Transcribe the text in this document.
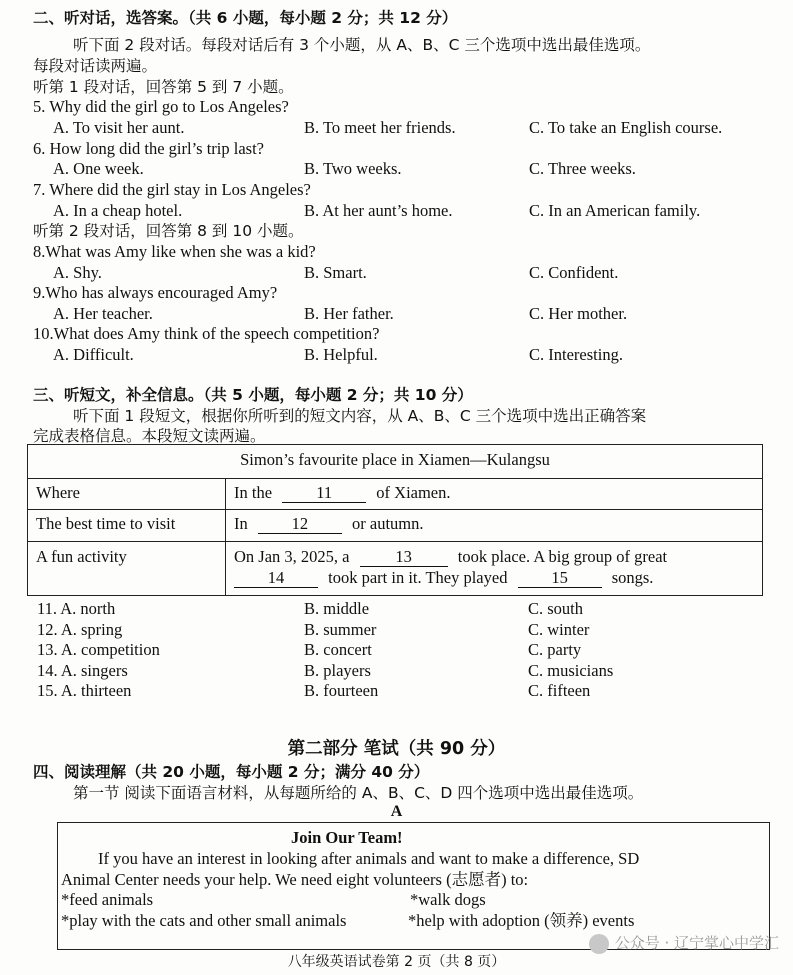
二、听对话，选答案。（共 6 小题，每小题 2 分；共 12 分）
听下面 2 段对话。每段对话后有 3 个小题，从 A、B、C 三个选项中选出最佳选项。
每段对话读两遍。
听第 1 段对话，回答第 5 到 7 小题。
5. Why did the girl go to Los Angeles?
A. To visit her aunt.	B. To meet her friends.	C. To take an English course.
6. How long did the girl’s trip last?
A. One week.	B. Two weeks.	C. Three weeks.
7. Where did the girl stay in Los Angeles?
A. In a cheap hotel.	B. At her aunt’s home.	C. In an American family.
听第 2 段对话，回答第 8 到 10 小题。
8.What was Amy like when she was a kid?
A. Shy.	B. Smart.	C. Confident.
9.Who has always encouraged Amy?
A. Her teacher.	B. Her father.	C. Her mother.
10.What does Amy think of the speech competition?
A. Difficult.	B. Helpful.	C. Interesting.
三、听短文，补全信息。（共 5 小题，每小题 2 分；共 10 分）
听下面 1 段短文，根据你所听到的短文内容，从 A、B、C 三个选项中选出正确答案
完成表格信息。本段短文读两遍。
Simon’s favourite place in Xiamen—Kulangsu
Where	In the	11	of Xiamen.
The best time to visit	In	12	or autumn.
A fun activity	On Jan 3, 2025, a	13	took place. A big group of great
14	took part in it. They played	15	songs.
11. A. north	B. middle	C. south
12. A. spring	B. summer	C. winter
13. A. competition	B. concert	C. party
14. A. singers	B. players	C. musicians
15. A. thirteen	B. fourteen	C. fifteen
第二部分 笔试（共 90 分）
四、阅读理解（共 20 小题，每小题 2 分；满分 40 分）
第一节 阅读下面语言材料，从每题所给的 A、B、C、D 四个选项中选出最佳选项。
A
Join Our Team!
If you have an interest in looking after animals and want to make a difference, SD
Animal Center needs your help. We need eight volunteers (志愿者) to:
*feed animals	*walk dogs
*play with the cats and other small animals	*help with adoption (领养) events
八年级英语试卷第 2 页（共 8 页）
公众号 · 辽宁掌心中学汇
